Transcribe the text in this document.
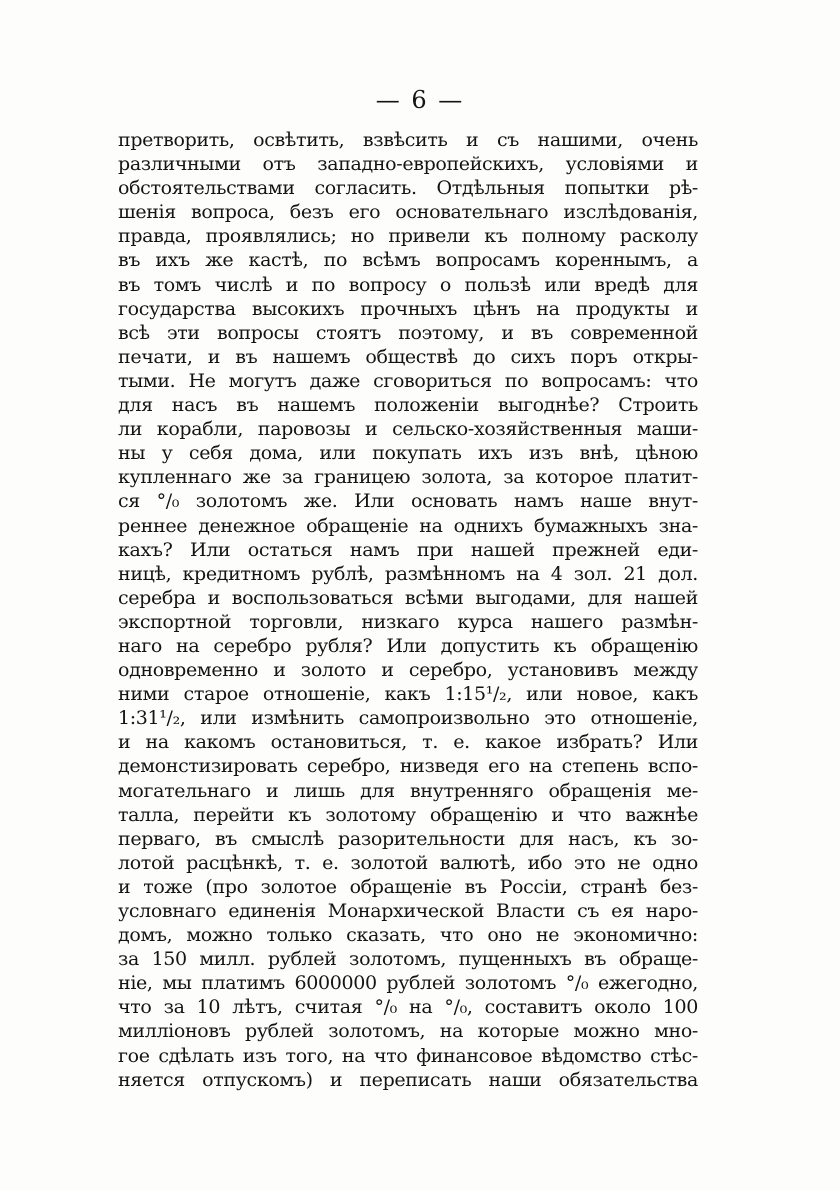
— 6 —
претворить, освѣтить, взвѣсить и съ нашими, очень
различными отъ западно-европейскихъ, условіями и
обстоятельствами согласить. Отдѣльныя попытки рѣ-
шенія вопроса, безъ его основательнаго изслѣдованія,
правда, проявлялись; но привели къ полному расколу
въ ихъ же кастѣ, по всѣмъ вопросамъ кореннымъ, а
въ томъ числѣ и по вопросу о пользѣ или вредѣ для
государства высокихъ прочныхъ цѣнъ на продукты и
всѣ эти вопросы стоятъ поэтому, и въ современной
печати, и въ нашемъ обществѣ до сихъ поръ откры-
тыми. Не могутъ даже сговориться по вопросамъ: что
для насъ въ нашемъ положеніи выгоднѣе? Строить
ли корабли, паровозы и сельско-хозяйственныя маши-
ны у себя дома, или покупать ихъ изъ внѣ, цѣною
купленнаго же за границею золота, за которое платит-
ся °/₀ золотомъ же. Или основать намъ наше внут-
реннее денежное обращеніе на однихъ бумажныхъ зна-
кахъ? Или остаться намъ при нашей прежней еди-
ницѣ, кредитномъ рублѣ, размѣнномъ на 4 зол. 21 дол.
серебра и воспользоваться всѣми выгодами, для нашей
экспортной торговли, низкаго курса нашего размѣн-
наго на серебро рубля? Или допустить къ обращенію
одновременно и золото и серебро, установивъ между
ними старое отношеніе, какъ 1:15¹/₂, или новое, какъ
1:31¹/₂, или измѣнить самопроизвольно это отношеніе,
и на какомъ остановиться, т. е. какое избрать? Или
демонстизировать серебро, низведя его на степень вспо-
могательнаго и лишь для внутренняго обращенія ме-
талла, перейти къ золотому обращенію и что важнѣе
перваго, въ смыслѣ разорительности для насъ, къ зо-
лотой расцѣнкѣ, т. е. золотой валютѣ, ибо это не одно
и тоже (про золотое обращеніе въ Россіи, странѣ без-
условнаго единенія Монархической Власти съ ея наро-
домъ, можно только сказать, что оно не экономично:
за 150 милл. рублей золотомъ, пущенныхъ въ обраще-
ніе, мы платимъ 6000000 рублей золотомъ °/₀ ежегодно,
что за 10 лѣтъ, считая °/₀ на °/₀, составитъ около 100
милліоновъ рублей золотомъ, на которые можно мно-
гое сдѣлать изъ того, на что финансовое вѣдомство стѣс-
няется отпускомъ) и переписать наши обязательства
